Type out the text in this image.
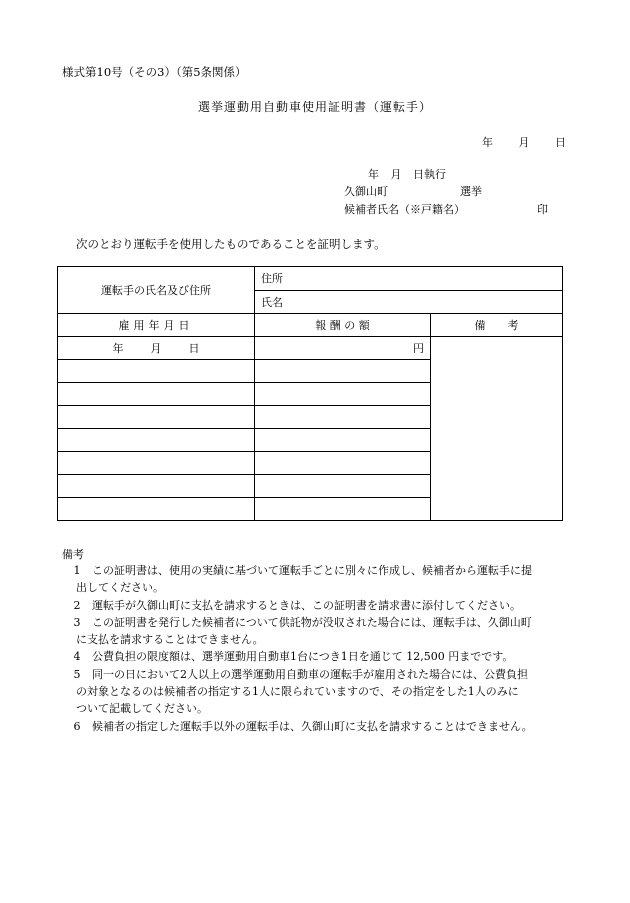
様式第10号（その3）（第5条関係）
選挙運動用自動車使用証明書（運転手）
年 月 日
年 月 日執行
久御山町	選挙
候補者氏名（※戸籍名）	印
次のとおり運転手を使用したものであることを証明します。
運転手の氏名及び住所	住所	
	氏名	
雇用年月日	報 酬 の 額	備　　考
年 月 日	円	

備考
1 この証明書は、使用の実績に基づいて運転手ごとに別々に作成し、候補者から運転手に提
出してください。
2 運転手が久御山町に支払を請求するときは、この証明書を請求書に添付してください。
3 この証明書を発行した候補者について供託物が没収された場合には、運転手は、久御山町
に支払を請求することはできません。
4 公費負担の限度額は、選挙運動用自動車1台につき1日を通じて 12,500 円までです。
5 同一の日において2人以上の選挙運動用自動車の運転手が雇用された場合には、公費負担
の対象となるのは候補者の指定する1人に限られていますので、その指定をした1人のみに
ついて記載してください。
6 候補者の指定した運転手以外の運転手は、久御山町に支払を請求することはできません。
